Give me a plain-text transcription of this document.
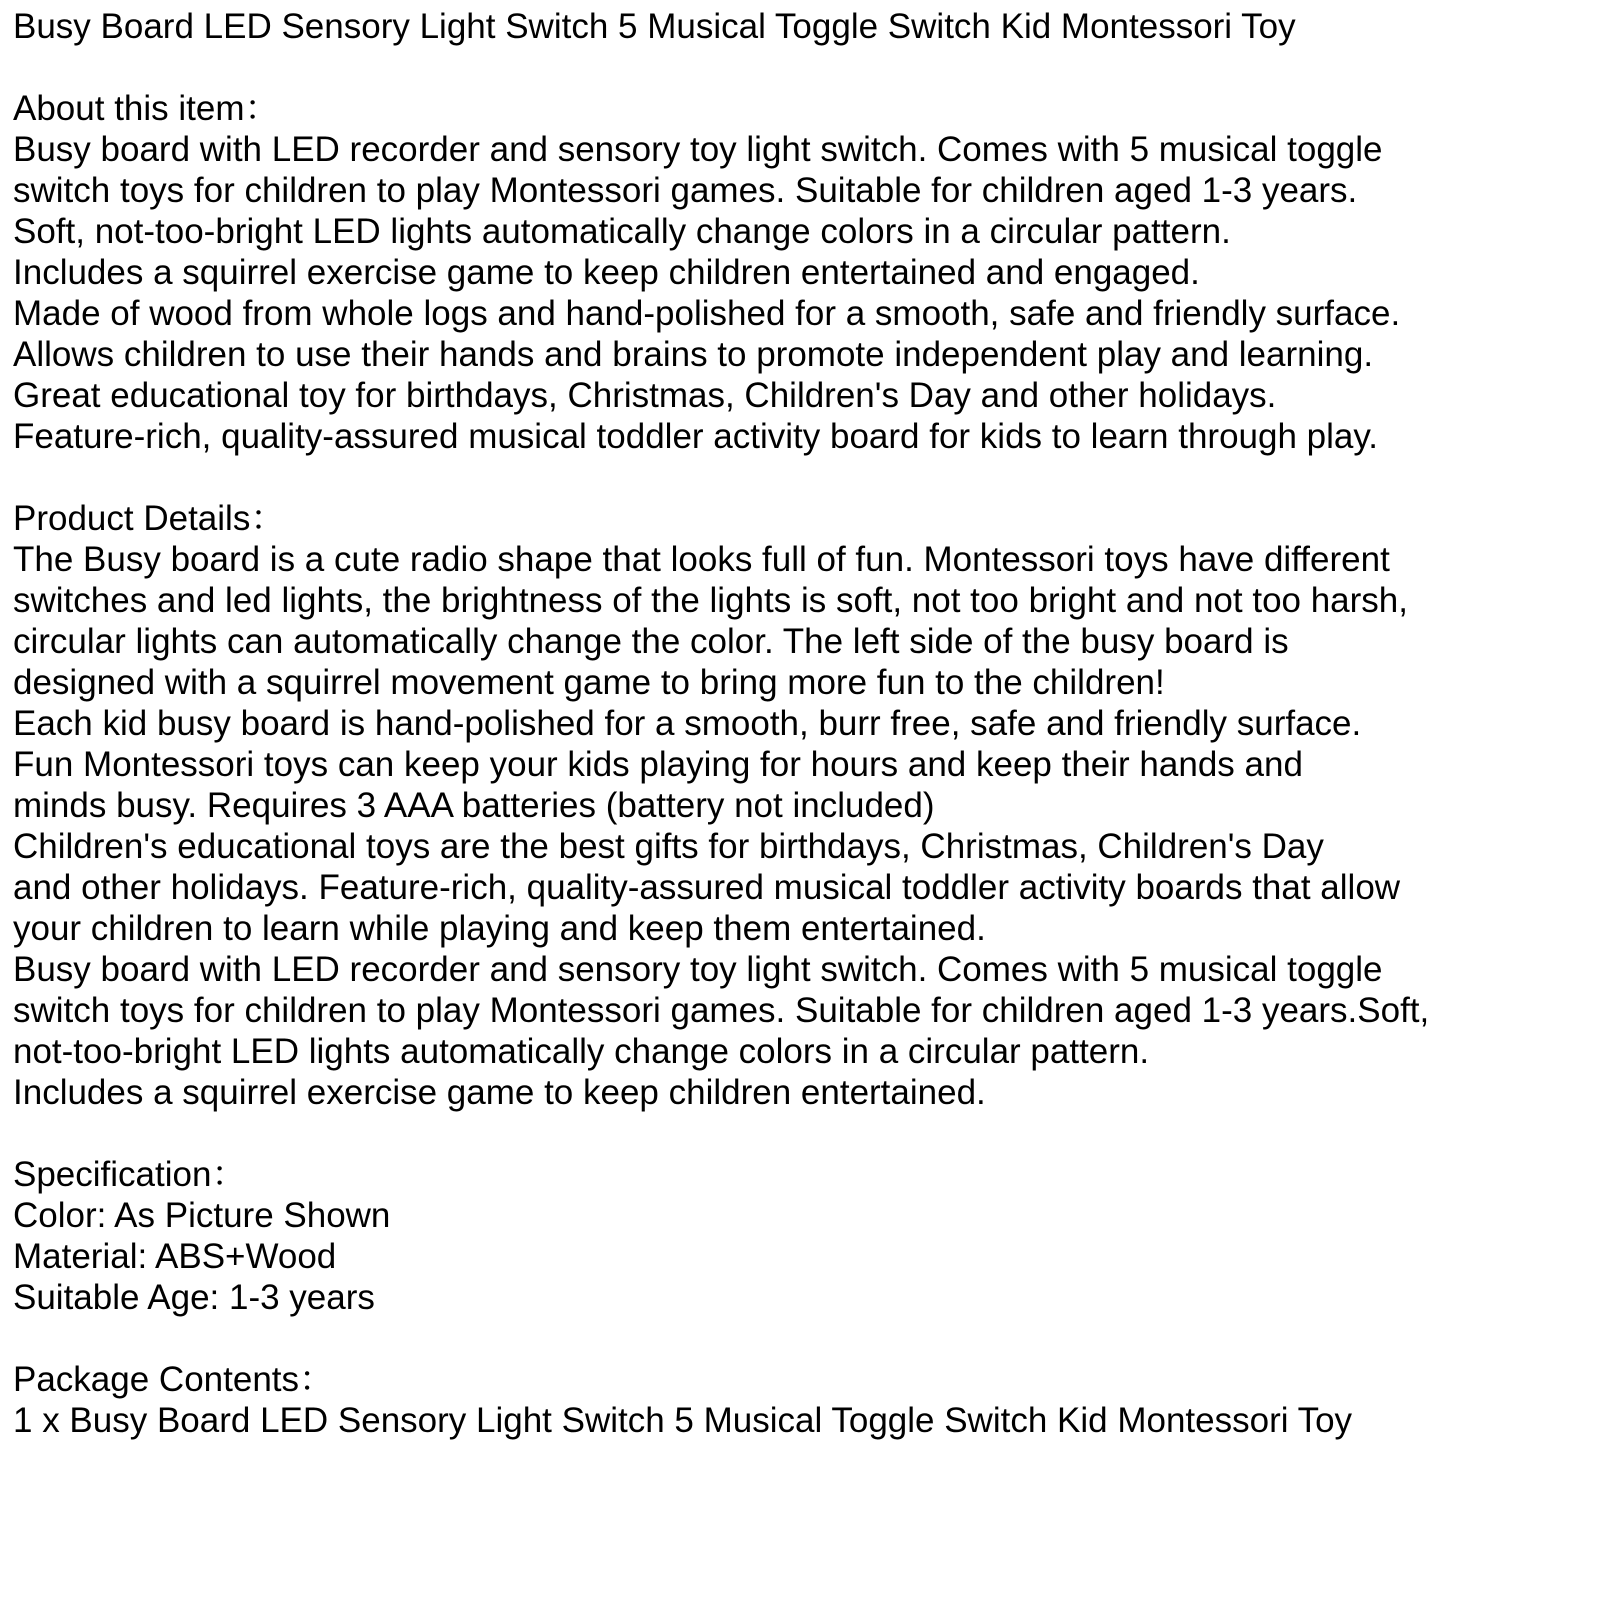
Busy Board LED Sensory Light Switch 5 Musical Toggle Switch Kid Montessori Toy
About this item：
Busy board with LED recorder and sensory toy light switch. Comes with 5 musical toggle
switch toys for children to play Montessori games. Suitable for children aged 1-3 years.
Soft, not-too-bright LED lights automatically change colors in a circular pattern.
Includes a squirrel exercise game to keep children entertained and engaged.
Made of wood from whole logs and hand-polished for a smooth, safe and friendly surface.
Allows children to use their hands and brains to promote independent play and learning.
Great educational toy for birthdays, Christmas, Children's Day and other holidays.
Feature-rich, quality-assured musical toddler activity board for kids to learn through play.
Product Details：
The Busy board is a cute radio shape that looks full of fun. Montessori toys have different
switches and led lights, the brightness of the lights is soft, not too bright and not too harsh,
circular lights can automatically change the color. The left side of the busy board is
designed with a squirrel movement game to bring more fun to the children!
Each kid busy board is hand-polished for a smooth, burr free, safe and friendly surface.
Fun Montessori toys can keep your kids playing for hours and keep their hands and
minds busy. Requires 3 AAA batteries (battery not included)
Children's educational toys are the best gifts for birthdays, Christmas, Children's Day
and other holidays. Feature-rich, quality-assured musical toddler activity boards that allow
your children to learn while playing and keep them entertained.
Busy board with LED recorder and sensory toy light switch. Comes with 5 musical toggle
switch toys for children to play Montessori games. Suitable for children aged 1-3 years.Soft,
not-too-bright LED lights automatically change colors in a circular pattern.
Includes a squirrel exercise game to keep children entertained.
Specification：
Color: As Picture Shown
Material: ABS+Wood
Suitable Age: 1-3 years
Package Contents：
1 x Busy Board LED Sensory Light Switch 5 Musical Toggle Switch Kid Montessori Toy
